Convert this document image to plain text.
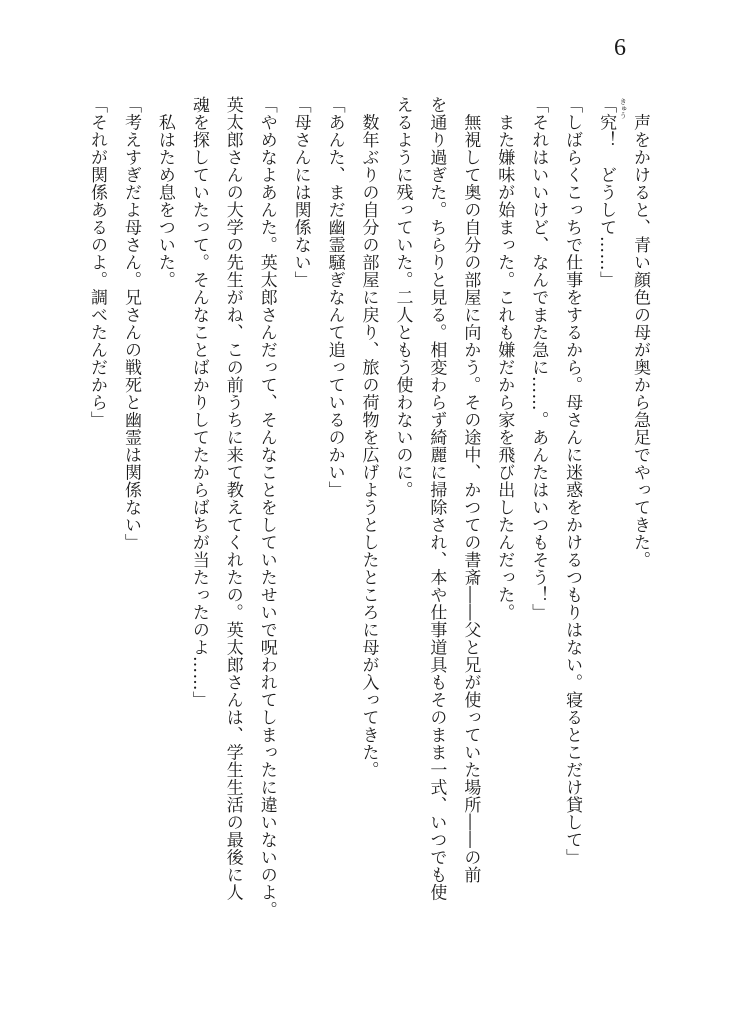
6
　声をかけると、青い顔色の母が奥から急足でやってきた。
きゅう
「究！　どうして……」
「しばらくこっちで仕事をするから。母さんに迷惑をかけるつもりはない。寝るとこだけ貸して」
「それはいいけど、なんでまた急に……。あんたはいつもそう！」
　また嫌味が始まった。これも嫌だから家を飛び出したんだった。
　無視して奥の自分の部屋に向かう。その途中、かつての書斎――父と兄が使っていた場所――の前
を通り過ぎた。ちらりと見る。相変わらず綺麗に掃除され、本や仕事道具もそのまま一式、いつでも使
えるように残っていた。二人ともう使わないのに。
　数年ぶりの自分の部屋に戻り、旅の荷物を広げようとしたところに母が入ってきた。
「あんた、まだ幽霊騒ぎなんて追っているのかい」
「母さんには関係ない」
「やめなよあんた。英太郎さんだって、そんなことをしていたせいで呪われてしまったに違いないのよ。
英太郎さんの大学の先生がね、この前うちに来て教えてくれたの。英太郎さんは、学生生活の最後に人
魂を探していたって。そんなことばかりしてたからばちが当たったのよ……」
　私はため息をついた。
「考えすぎだよ母さん。兄さんの戦死と幽霊は関係ない」
「それが関係あるのよ。調べたんだから」
